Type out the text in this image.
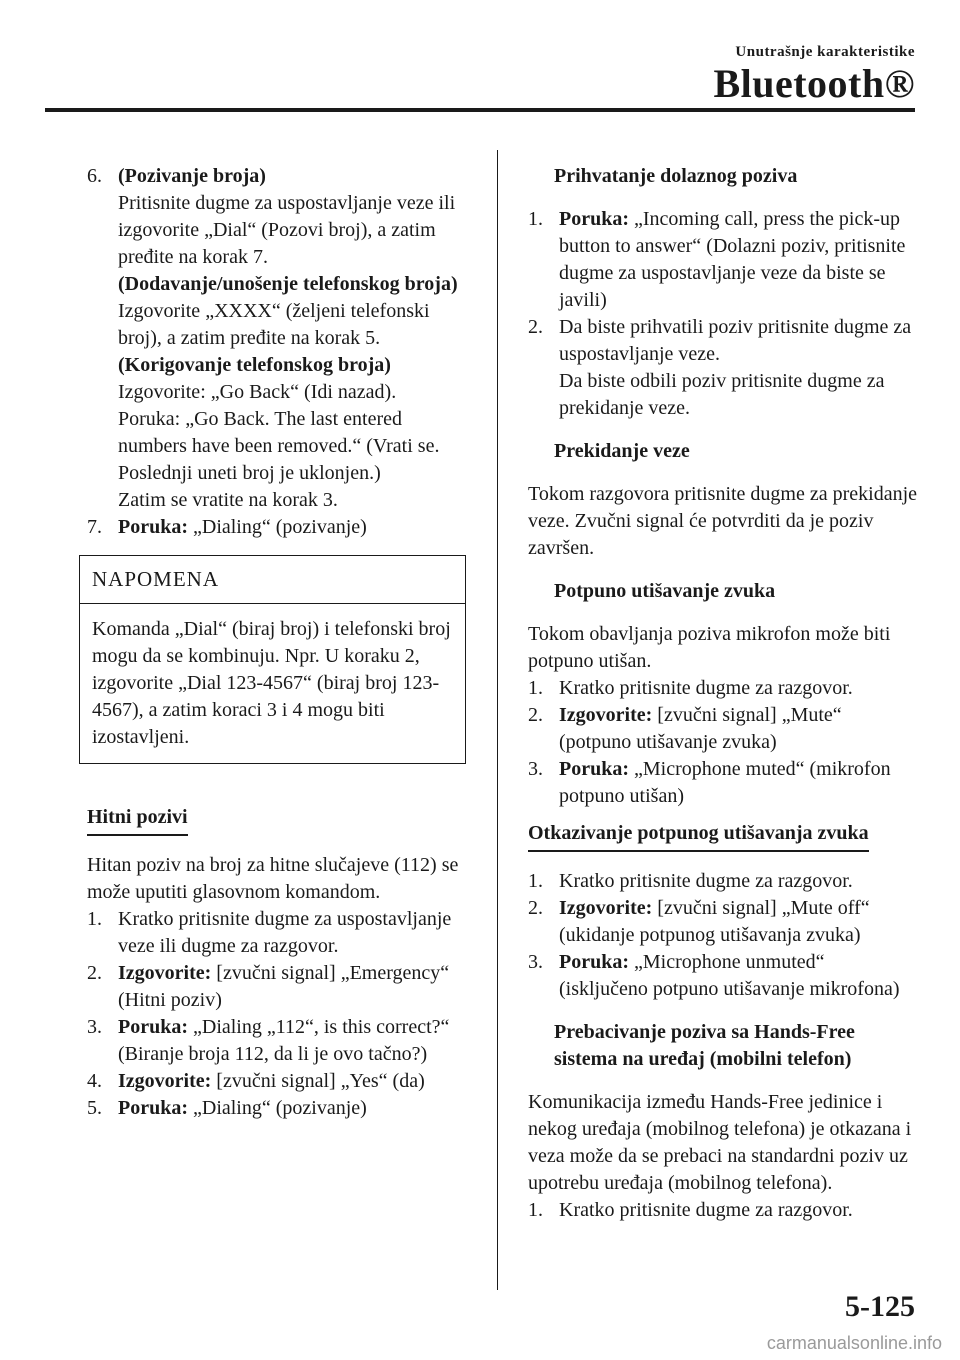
Unutrašnje karakteristike
Bluetooth®
6. (Pozivanje broja)
Pritisnite dugme za uspostavljanje veze ili izgovorite „Dial“ (Pozovi broj), a zatim pređite na korak 7.
(Dodavanje/unošenje telefonskog broja)
Izgovorite „XXXX“ (željeni telefonski broj), a zatim pređite na korak 5.
(Korigovanje telefonskog broja)
Izgovorite: „Go Back“ (Idi nazad).
Poruka: „Go Back. The last entered numbers have been removed.“ (Vrati se. Poslednji uneti broj je uklonjen.)
Zatim se vratite na korak 3.
7. Poruka: „Dialing“ (pozivanje)
NAPOMENA
Komanda „Dial“ (biraj broj) i telefonski broj mogu da se kombinuju. Npr. U koraku 2, izgovorite „Dial 123-4567“ (biraj broj 123-4567), a zatim koraci 3 i 4 mogu biti izostavljeni.
Hitni pozivi
Hitan poziv na broj za hitne slučajeve (112) se može uputiti glasovnom komandom.
1. Kratko pritisnite dugme za uspostavljanje veze ili dugme za razgovor.
2. Izgovorite: [zvučni signal] „Emergency“ (Hitni poziv)
3. Poruka: „Dialing „112“, is this correct?“ (Biranje broja 112, da li je ovo tačno?)
4. Izgovorite: [zvučni signal] „Yes“ (da)
5. Poruka: „Dialing“ (pozivanje)
Prihvatanje dolaznog poziva
1. Poruka: „Incoming call, press the pick-up button to answer“ (Dolazni poziv, pritisnite dugme za uspostavljanje veze da biste se javili)
2. Da biste prihvatili poziv pritisnite dugme za uspostavljanje veze.
Da biste odbili poziv pritisnite dugme za prekidanje veze.
Prekidanje veze
Tokom razgovora pritisnite dugme za prekidanje veze. Zvučni signal će potvrditi da je poziv završen.
Potpuno utišavanje zvuka
Tokom obavljanja poziva mikrofon može biti potpuno utišan.
1. Kratko pritisnite dugme za razgovor.
2. Izgovorite: [zvučni signal] „Mute“ (potpuno utišavanje zvuka)
3. Poruka: „Microphone muted“ (mikrofon potpuno utišan)
Otkazivanje potpunog utišavanja zvuka
1. Kratko pritisnite dugme za razgovor.
2. Izgovorite: [zvučni signal] „Mute off“ (ukidanje potpunog utišavanja zvuka)
3. Poruka: „Microphone unmuted“ (isključeno potpuno utišavanje mikrofona)
Prebacivanje poziva sa Hands-Free sistema na uređaj (mobilni telefon)
Komunikacija između Hands-Free jedinice i nekog uređaja (mobilnog telefona) je otkazana i veza može da se prebaci na standardni poziv uz upotrebu uređaja (mobilnog telefona).
1. Kratko pritisnite dugme za razgovor.
5-125
carmanualsonline.info
